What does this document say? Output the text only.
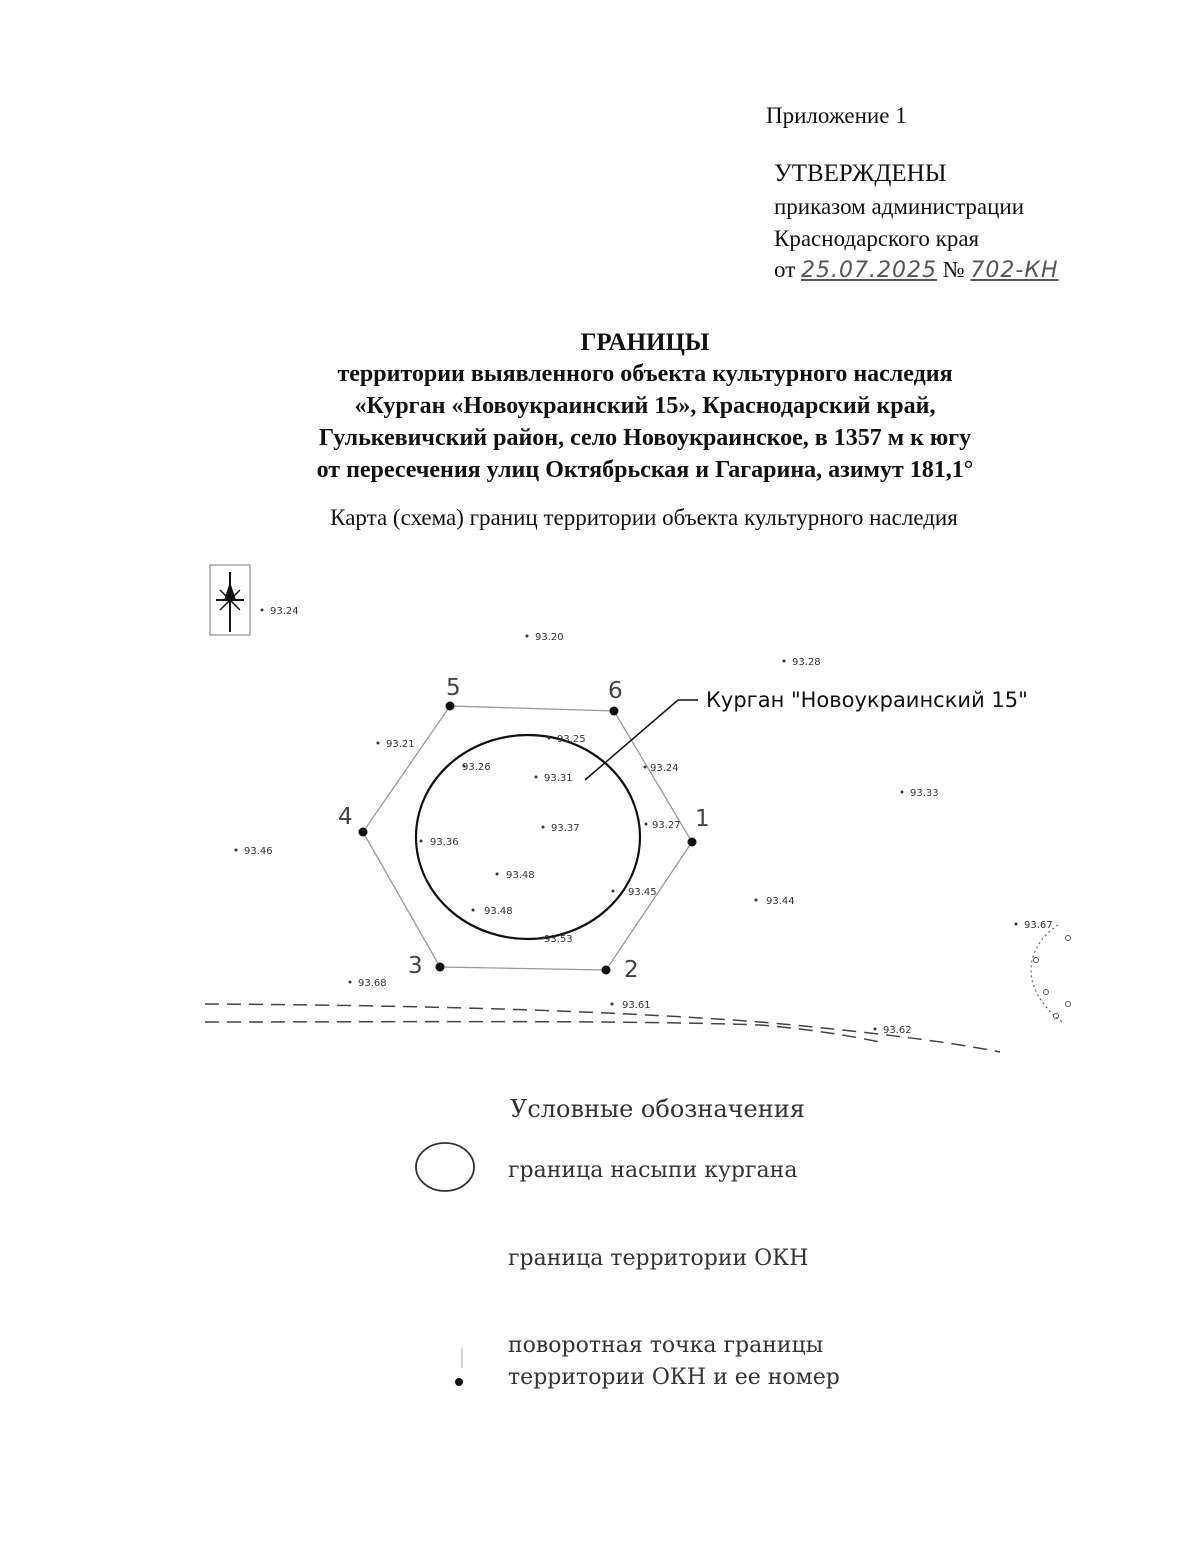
Приложение 1
УТВЕРЖДЕНЫ
приказом администрации
Краснодарского края
от 25.07.2025 № 702-КН
ГРАНИЦЫ
территории выявленного объекта культурного наследия
«Курган «Новоукраинский 15», Краснодарский край,
Гулькевичский район, село Новоукраинское, в 1357 м к югу
от пересечения улиц Октябрьская и Гагарина, азимут 181,1°
Карта (схема) границ территории объекта культурного наследия
1
2
3
4
5	6	Курган "Новоукраинский 15"
93.24
93.20
93.28
93.21	93.25
93.26
93.31
93.24
93.33
93.27
93.37
93.36
93.46
93.48
93.45
93.44
93.48
93.53
93.67
93.68
93.61
93.62
Условные обозначения
граница насыпи кургана
граница территории ОКН
поворотная точка границы
территории ОКН и ее номер
